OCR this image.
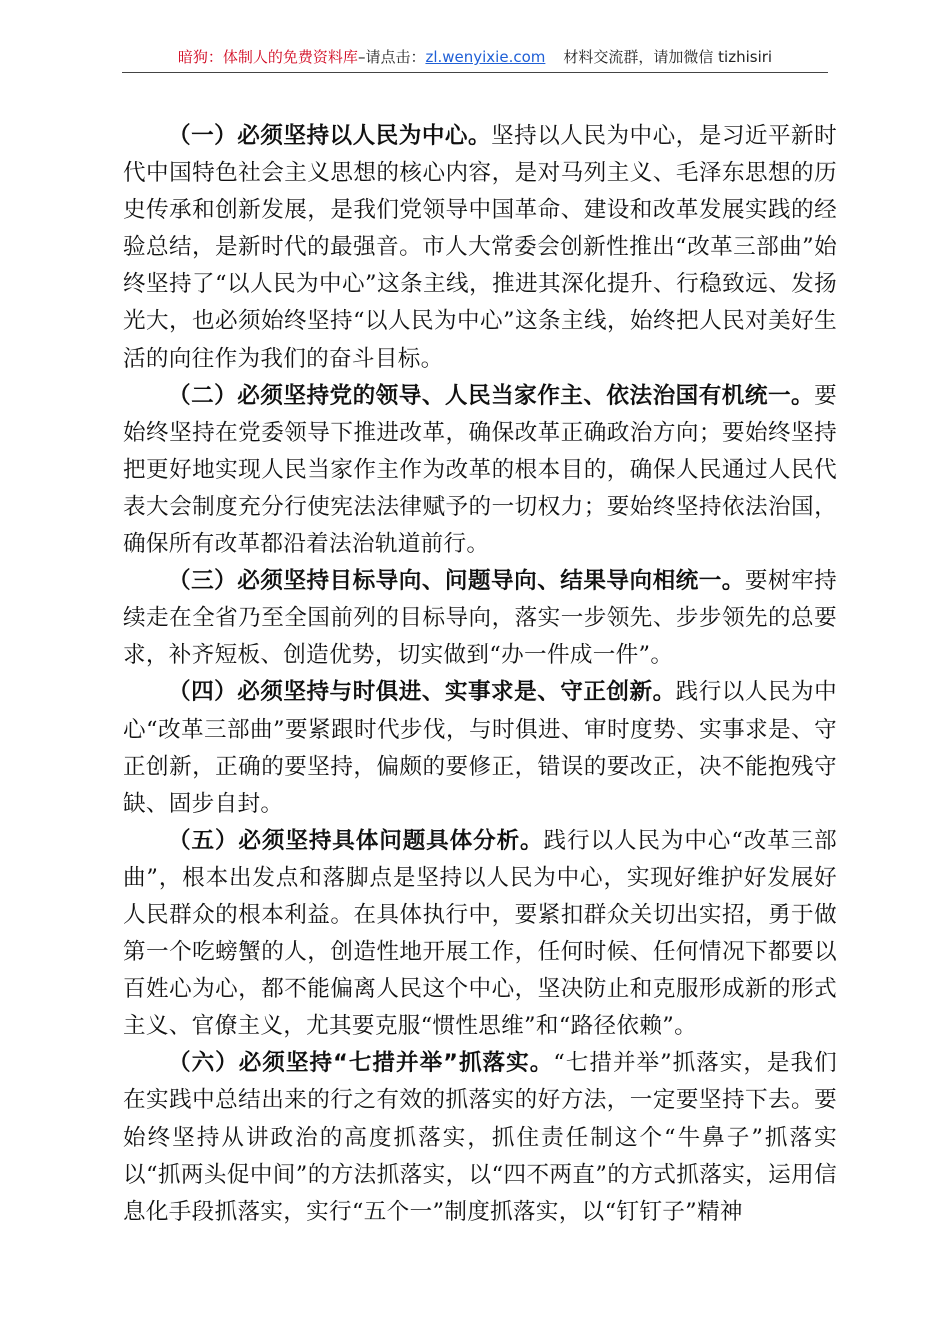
暗狗：体制人的免费资料库–请点击：zl.wenyixie.com 材料交流群，请加微信 tizhisiri

（一）必须坚持以人民为中心。坚持以人民为中心，是习近平新时代中国特色社会主义思想的核心内容，是对马列主义、毛泽东思想的历史传承和创新发展，是我们党领导中国革命、建设和改革发展实践的经验总结，是新时代的最强音。市人大常委会创新性推出“改革三部曲”始终坚持了“以人民为中心”这条主线，推进其深化提升、行稳致远、发扬光大，也必须始终坚持“以人民为中心”这条主线，始终把人民对美好生活的向往作为我们的奋斗目标。

（二）必须坚持党的领导、人民当家作主、依法治国有机统一。要始终坚持在党委领导下推进改革，确保改革正确政治方向；要始终坚持把更好地实现人民当家作主作为改革的根本目的，确保人民通过人民代表大会制度充分行使宪法法律赋予的一切权力；要始终坚持依法治国，确保所有改革都沿着法治轨道前行。

（三）必须坚持目标导向、问题导向、结果导向相统一。要树牢持续走在全省乃至全国前列的目标导向，落实一步领先、步步领先的总要求，补齐短板、创造优势，切实做到“办一件成一件”。

（四）必须坚持与时俱进、实事求是、守正创新。践行以人民为中心“改革三部曲”要紧跟时代步伐，与时俱进、审时度势、实事求是、守正创新，正确的要坚持，偏颇的要修正，错误的要改正，决不能抱残守缺、固步自封。

（五）必须坚持具体问题具体分析。践行以人民为中心“改革三部曲”，根本出发点和落脚点是坚持以人民为中心，实现好维护好发展好人民群众的根本利益。在具体执行中，要紧扣群众关切出实招，勇于做第一个吃螃蟹的人，创造性地开展工作，任何时候、任何情况下都要以百姓心为心，都不能偏离人民这个中心，坚决防止和克服形成新的形式主义、官僚主义，尤其要克服“惯性思维”和“路径依赖”。

（六）必须坚持“七措并举”抓落实。“七措并举”抓落实，是我们在实践中总结出来的行之有效的抓落实的好方法，一定要坚持下去。要始终坚持从讲政治的高度抓落实，抓住责任制这个“牛鼻子”抓落实以“抓两头促中间”的方法抓落实，以“四不两直”的方式抓落实，运用信息化手段抓落实，实行“五个一”制度抓落实，以“钉钉子”精神
